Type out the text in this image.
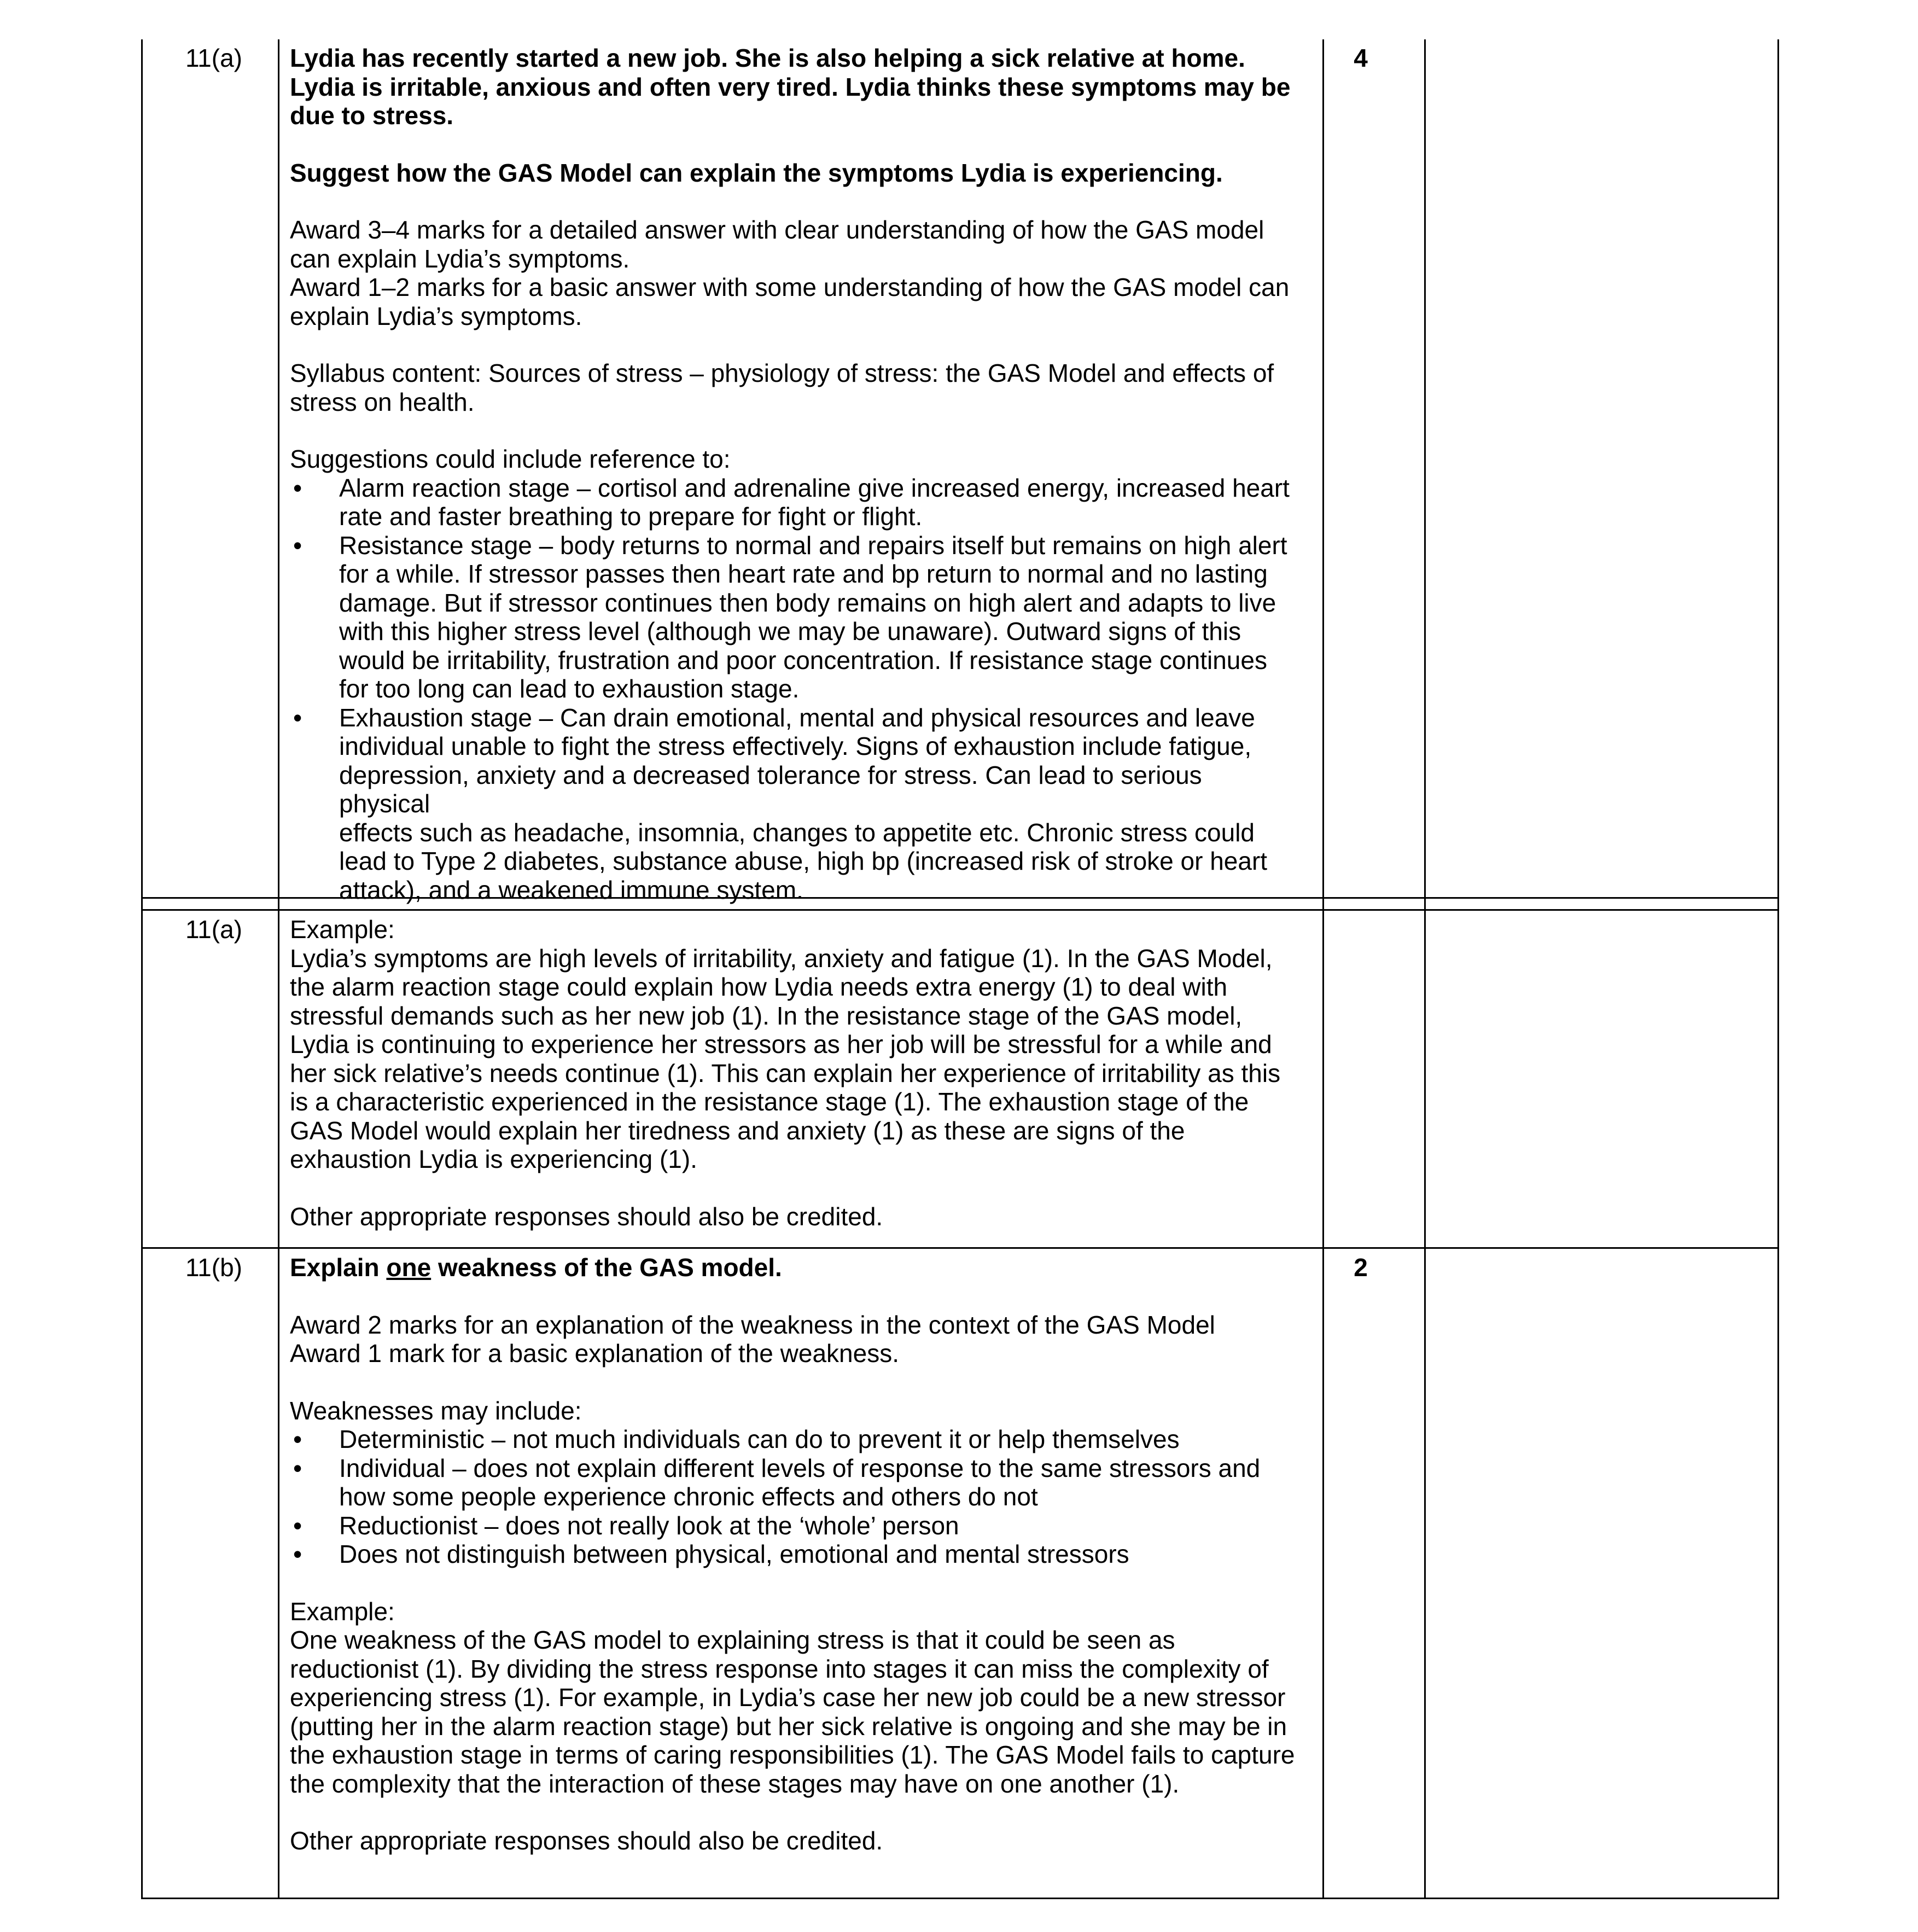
11(a) Lydia has recently started a new job. She is also helping a sick relative at home.

Lydia is irritable, anxious and often very tired. Lydia thinks these symptoms may be

due to stress.

Suggest how the GAS Model can explain the symptoms Lydia is experiencing.

Award 3–4 marks for a detailed answer with clear understanding of how the GAS model

can explain Lydia’s symptoms.

Award 1–2 marks for a basic answer with some understanding of how the GAS model can

explain Lydia’s symptoms.

Syllabus content: Sources of stress – physiology of stress: the GAS Model and effects of

stress on health.

Suggestions could include reference to:

• Alarm reaction stage – cortisol and adrenaline give increased energy, increased heart

rate and faster breathing to prepare for fight or flight.

• Resistance stage – body returns to normal and repairs itself but remains on high alert

for a while. If stressor passes then heart rate and bp return to normal and no lasting

damage. But if stressor continues then body remains on high alert and adapts to live

with this higher stress level (although we may be unaware). Outward signs of this

would be irritability, frustration and poor concentration. If resistance stage continues

for too long can lead to exhaustion stage.

• Exhaustion stage – Can drain emotional, mental and physical resources and leave

individual unable to fight the stress effectively. Signs of exhaustion include fatigue,

depression, anxiety and a decreased tolerance for stress. Can lead to serious physical

effects such as headache, insomnia, changes to appetite etc. Chronic stress could

lead to Type 2 diabetes, substance abuse, high bp (increased risk of stroke or heart

attack), and a weakened immune system.

4
11(a) Example:

Lydia’s symptoms are high levels of irritability, anxiety and fatigue (1). In the GAS Model,

the alarm reaction stage could explain how Lydia needs extra energy (1) to deal with

stressful demands such as her new job (1). In the resistance stage of the GAS model,

Lydia is continuing to experience her stressors as her job will be stressful for a while and

her sick relative’s needs continue (1). This can explain her experience of irritability as this

is a characteristic experienced in the resistance stage (1). The exhaustion stage of the

GAS Model would explain her tiredness and anxiety (1) as these are signs of the

exhaustion Lydia is experiencing (1).

Other appropriate responses should also be credited.

11(b) Explain one weakness of the GAS model.

Award 2 marks for an explanation of the weakness in the context of the GAS Model

Award 1 mark for a basic explanation of the weakness.

Weaknesses may include:

• Deterministic – not much individuals can do to prevent it or help themselves

• Individual – does not explain different levels of response to the same stressors and

how some people experience chronic effects and others do not

• Reductionist – does not really look at the ‘whole’ person

• Does not distinguish between physical, emotional and mental stressors

Example:

One weakness of the GAS model to explaining stress is that it could be seen as

reductionist (1). By dividing the stress response into stages it can miss the complexity of

experiencing stress (1). For example, in Lydia’s case her new job could be a new stressor

(putting her in the alarm reaction stage) but her sick relative is ongoing and she may be in

the exhaustion stage in terms of caring responsibilities (1). The GAS Model fails to capture

the complexity that the interaction of these stages may have on one another (1).

Other appropriate responses should also be credited.

2
